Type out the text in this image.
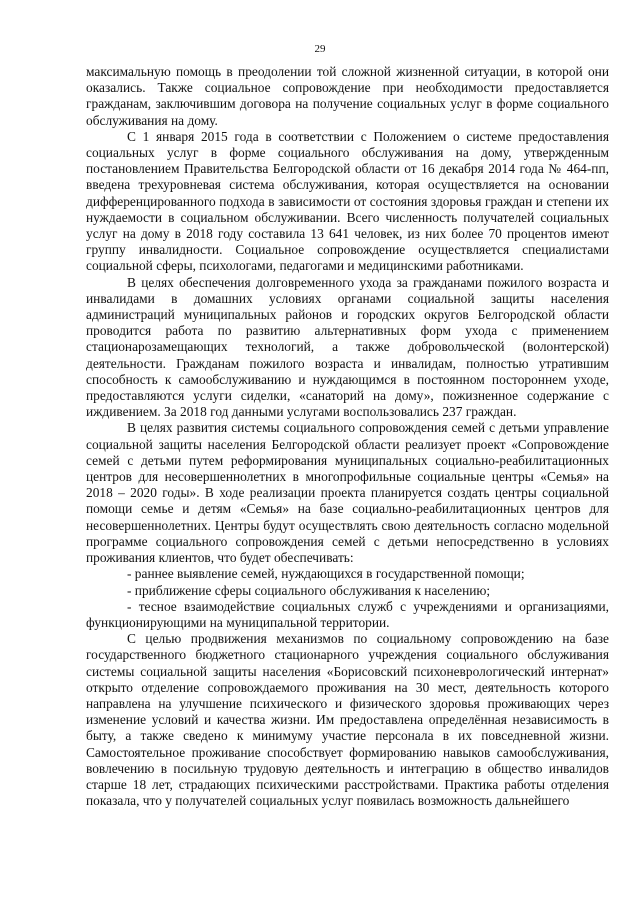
29

максимальную помощь в преодолении той сложной жизненной ситуации, в которой они оказались. Также социальное сопровождение при необходимости предоставляется гражданам, заключившим договора на получение социальных услуг в форме социального обслуживания на дому.

С 1 января 2015 года в соответствии с Положением о системе предоставления социальных услуг в форме социального обслуживания на дому, утвержденным постановлением Правительства Белгородской области от 16 декабря 2014 года № 464-пп, введена трехуровневая система обслуживания, которая осуществляется на основании дифференцированного подхода в зависимости от состояния здоровья граждан и степени их нуждаемости в социальном обслуживании. Всего численность получателей социальных услуг на дому в 2018 году составила 13 641 человек, из них более 70 процентов имеют группу инвалидности. Социальное сопровождение осуществляется специалистами социальной сферы, психологами, педагогами и медицинскими работниками.

В целях обеспечения долговременного ухода за гражданами пожилого возраста и инвалидами в домашних условиях органами социальной защиты населения администраций муниципальных районов и городских округов Белгородской области проводится работа по развитию альтернативных форм ухода с применением стационарозамещающих технологий, а также добровольческой (волонтерской) деятельности. Гражданам пожилого возраста и инвалидам, полностью утратившим способность к самообслуживанию и нуждающимся в постоянном постороннем уходе, предоставляются услуги сиделки, «санаторий на дому», пожизненное содержание с иждивением. За 2018 год данными услугами воспользовались 237 граждан.

В целях развития системы социального сопровождения семей с детьми управление социальной защиты населения Белгородской области реализует проект «Сопровождение семей с детьми путем реформирования муниципальных социально-реабилитационных центров для несовершеннолетних в многопрофильные социальные центры «Семья» на 2018 – 2020 годы». В ходе реализации проекта планируется создать центры социальной помощи семье и детям «Семья» на базе социально-реабилитационных центров для несовершеннолетних. Центры будут осуществлять свою деятельность согласно модельной программе социального сопровождения семей с детьми непосредственно в условиях проживания клиентов, что будет обеспечивать:

- раннее выявление семей, нуждающихся в государственной помощи;

- приближение сферы социального обслуживания к населению;

- тесное взаимодействие социальных служб с учреждениями и организациями, функционирующими на муниципальной территории.

С целью продвижения механизмов по социальному сопровождению на базе государственного бюджетного стационарного учреждения социального обслуживания системы социальной защиты населения «Борисовский психоневрологический интернат» открыто отделение сопровождаемого проживания на 30 мест, деятельность которого направлена на улучшение психического и физического здоровья проживающих через изменение условий и качества жизни. Им предоставлена определённая независимость в быту, а также сведено к минимуму участие персонала в их повседневной жизни. Самостоятельное проживание способствует формированию навыков самообслуживания, вовлечению в посильную трудовую деятельность и интеграцию в общество инвалидов старше 18 лет, страдающих психическими расстройствами. Практика работы отделения показала, что у получателей социальных услуг появилась возможность дальнейшего
